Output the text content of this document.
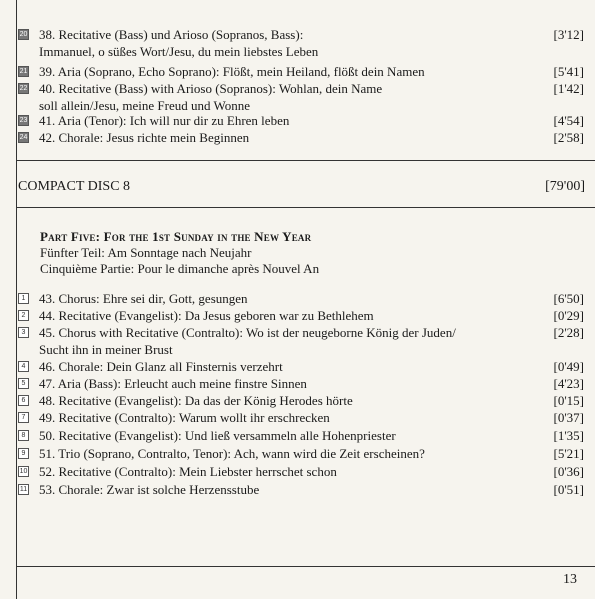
20 38. Recitative (Bass) und Arioso (Sopranos, Bass):
Immanuel, o süßes Wort/Jesu, du mein liebstes Leben
[3'12]
21 39. Aria (Soprano, Echo Soprano): Flößt, mein Heiland, flößt dein Namen	[5'41]
22 40. Recitative (Bass) with Arioso (Sopranos): Wohlan, dein Name
soll allein/Jesu, meine Freud und Wonne
[1'42]
23 41. Aria (Tenor): Ich will nur dir zu Ehren leben	[4'54]
24 42. Chorale: Jesus richte mein Beginnen	[2'58]
COMPACT DISC 8	[79'00]
Part Five: For the 1st Sunday in the New Year
Fünfter Teil: Am Sonntage nach Neujahr
Cinquième Partie: Pour le dimanche après Nouvel An
1 43. Chorus: Ehre sei dir, Gott, gesungen	[6'50]
2 44. Recitative (Evangelist): Da Jesus geboren war zu Bethlehem	[0'29]
3 45. Chorus with Recitative (Contralto): Wo ist der neugeborne König der Juden/
Sucht ihn in meiner Brust
[2'28]
4 46. Chorale: Dein Glanz all Finsternis verzehrt	[0'49]
5 47. Aria (Bass): Erleucht auch meine finstre Sinnen	[4'23]
6 48. Recitative (Evangelist): Da das der König Herodes hörte	[0'15]
7 49. Recitative (Contralto): Warum wollt ihr erschrecken	[0'37]
8 50. Recitative (Evangelist): Und ließ versammeln alle Hohenpriester	[1'35]
9 51. Trio (Soprano, Contralto, Tenor): Ach, wann wird die Zeit erscheinen?	[5'21]
10 52. Recitative (Contralto): Mein Liebster herrschet schon	[0'36]
11 53. Chorale: Zwar ist solche Herzensstube	[0'51]
13
